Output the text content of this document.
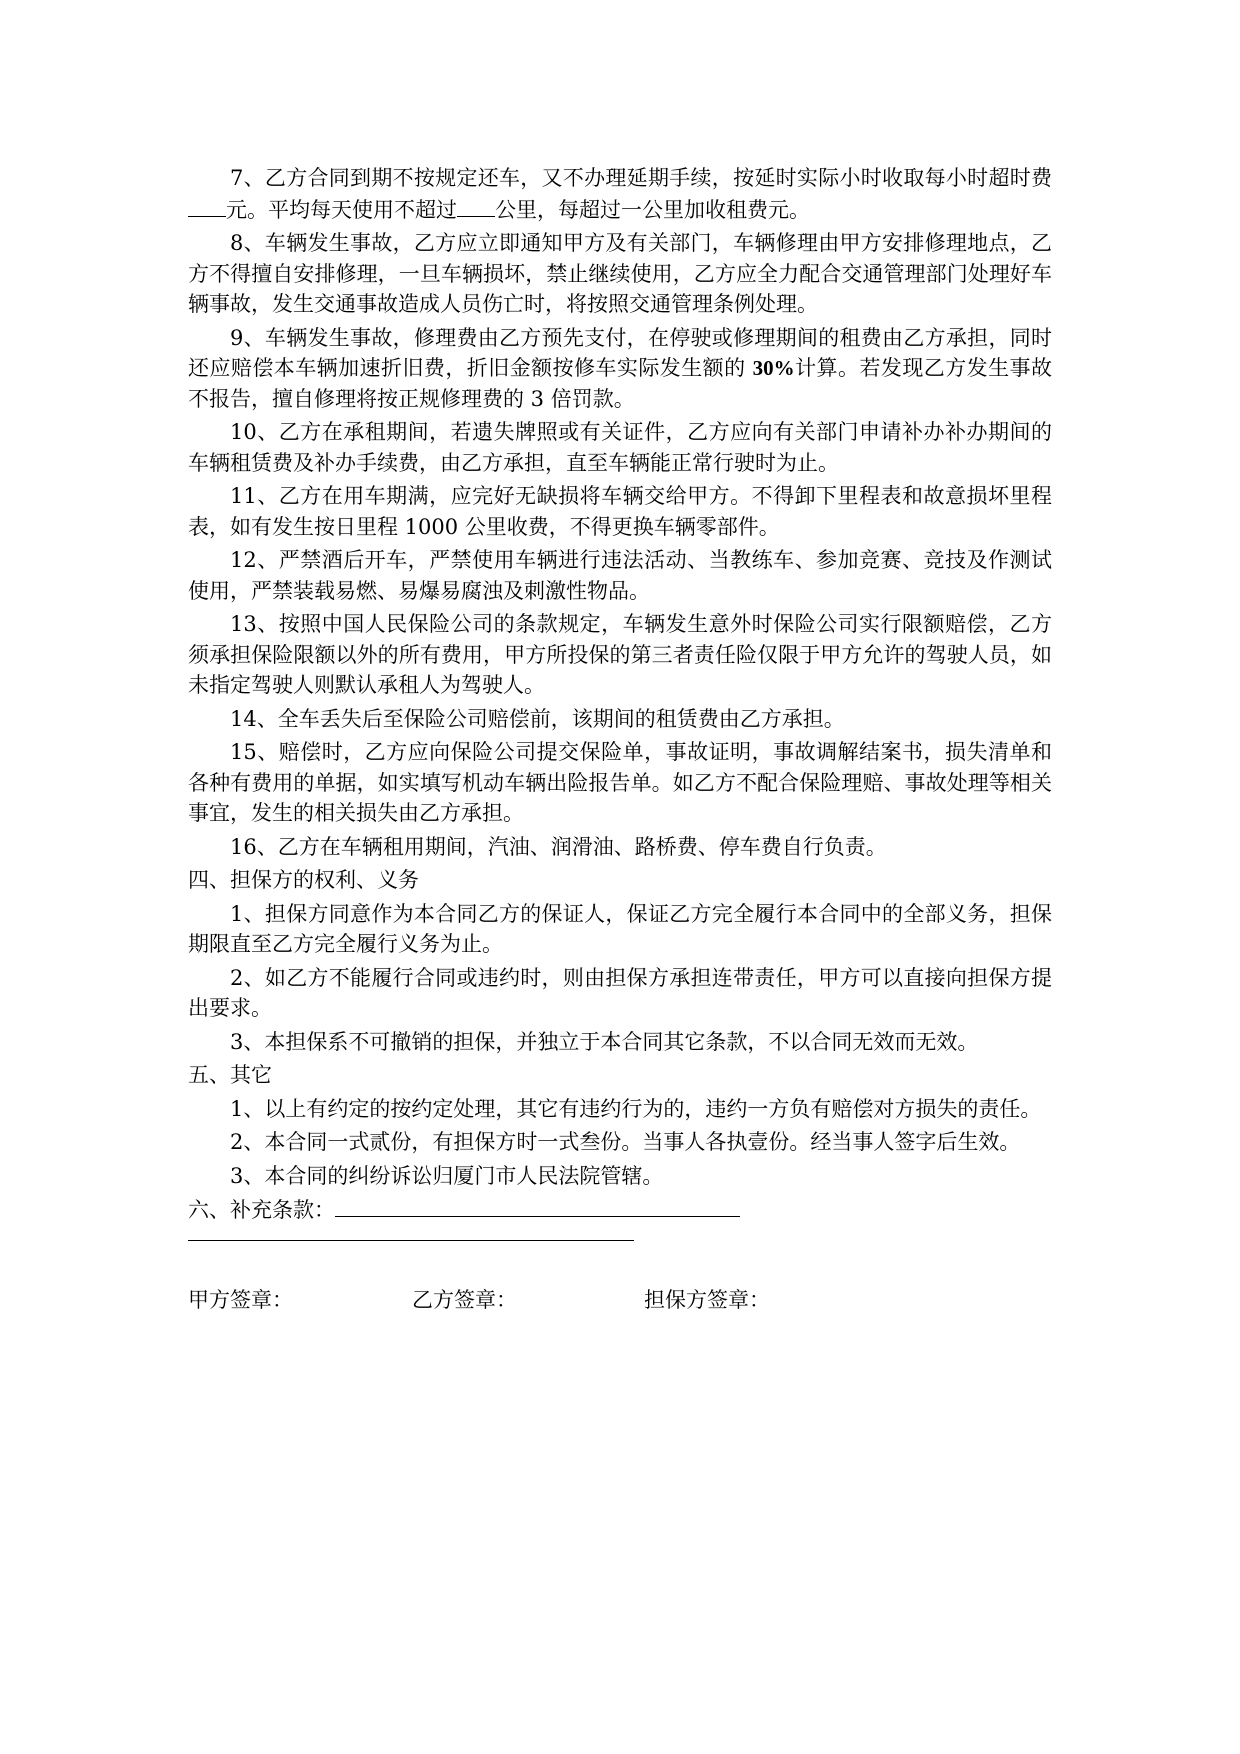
7、乙方合同到期不按规定还车，又不办理延期手续，按延时实际小时收取每小时超时费元。平均每天使用不超过 公里，每超过一公里加收租费元。

8、车辆发生事故，乙方应立即通知甲方及有关部门，车辆修理由甲方安排修理地点，乙方不得擅自安排修理，一旦车辆损坏，禁止继续使用，乙方应全力配合交通管理部门处理好车辆事故，发生交通事故造成人员伤亡时，将按照交通管理条例处理。

9、车辆发生事故，修理费由乙方预先支付，在停驶或修理期间的租费由乙方承担，同时还应赔偿本车辆加速折旧费，折旧金额按修车实际发生额的 30%计算。若发现乙方发生事故不报告，擅自修理将按正规修理费的 3 倍罚款。

10、乙方在承租期间，若遗失牌照或有关证件，乙方应向有关部门申请补办补办期间的车辆租赁费及补办手续费，由乙方承担，直至车辆能正常行驶时为止。

11、乙方在用车期满，应完好无缺损将车辆交给甲方。不得卸下里程表和故意损坏里程表，如有发生按日里程 1000 公里收费，不得更换车辆零部件。

12、严禁酒后开车，严禁使用车辆进行违法活动、当教练车、参加竞赛、竞技及作测试使用，严禁装载易燃、易爆易腐浊及刺激性物品。

13、按照中国人民保险公司的条款规定，车辆发生意外时保险公司实行限额赔偿，乙方须承担保险限额以外的所有费用，甲方所投保的第三者责任险仅限于甲方允许的驾驶人员，如未指定驾驶人则默认承租人为驾驶人。

14、全车丢失后至保险公司赔偿前，该期间的租赁费由乙方承担。

15、赔偿时，乙方应向保险公司提交保险单，事故证明，事故调解结案书，损失清单和各种有费用的单据，如实填写机动车辆出险报告单。如乙方不配合保险理赔、事故处理等相关事宜，发生的相关损失由乙方承担。

16、乙方在车辆租用期间，汽油、润滑油、路桥费、停车费自行负责。

四、担保方的权利、义务

1、担保方同意作为本合同乙方的保证人，保证乙方完全履行本合同中的全部义务，担保期限直至乙方完全履行义务为止。

2、如乙方不能履行合同或违约时，则由担保方承担连带责任，甲方可以直接向担保方提出要求。

3、本担保系不可撤销的担保，并独立于本合同其它条款，不以合同无效而无效。

五、其它

1、以上有约定的按约定处理，其它有违约行为的，违约一方负有赔偿对方损失的责任。

2、本合同一式贰份，有担保方时一式叁份。当事人各执壹份。经当事人签字后生效。

3、本合同的纠纷诉讼归厦门市人民法院管辖。

六、补充条款：

甲方签章：	乙方签章：	担保方签章：
